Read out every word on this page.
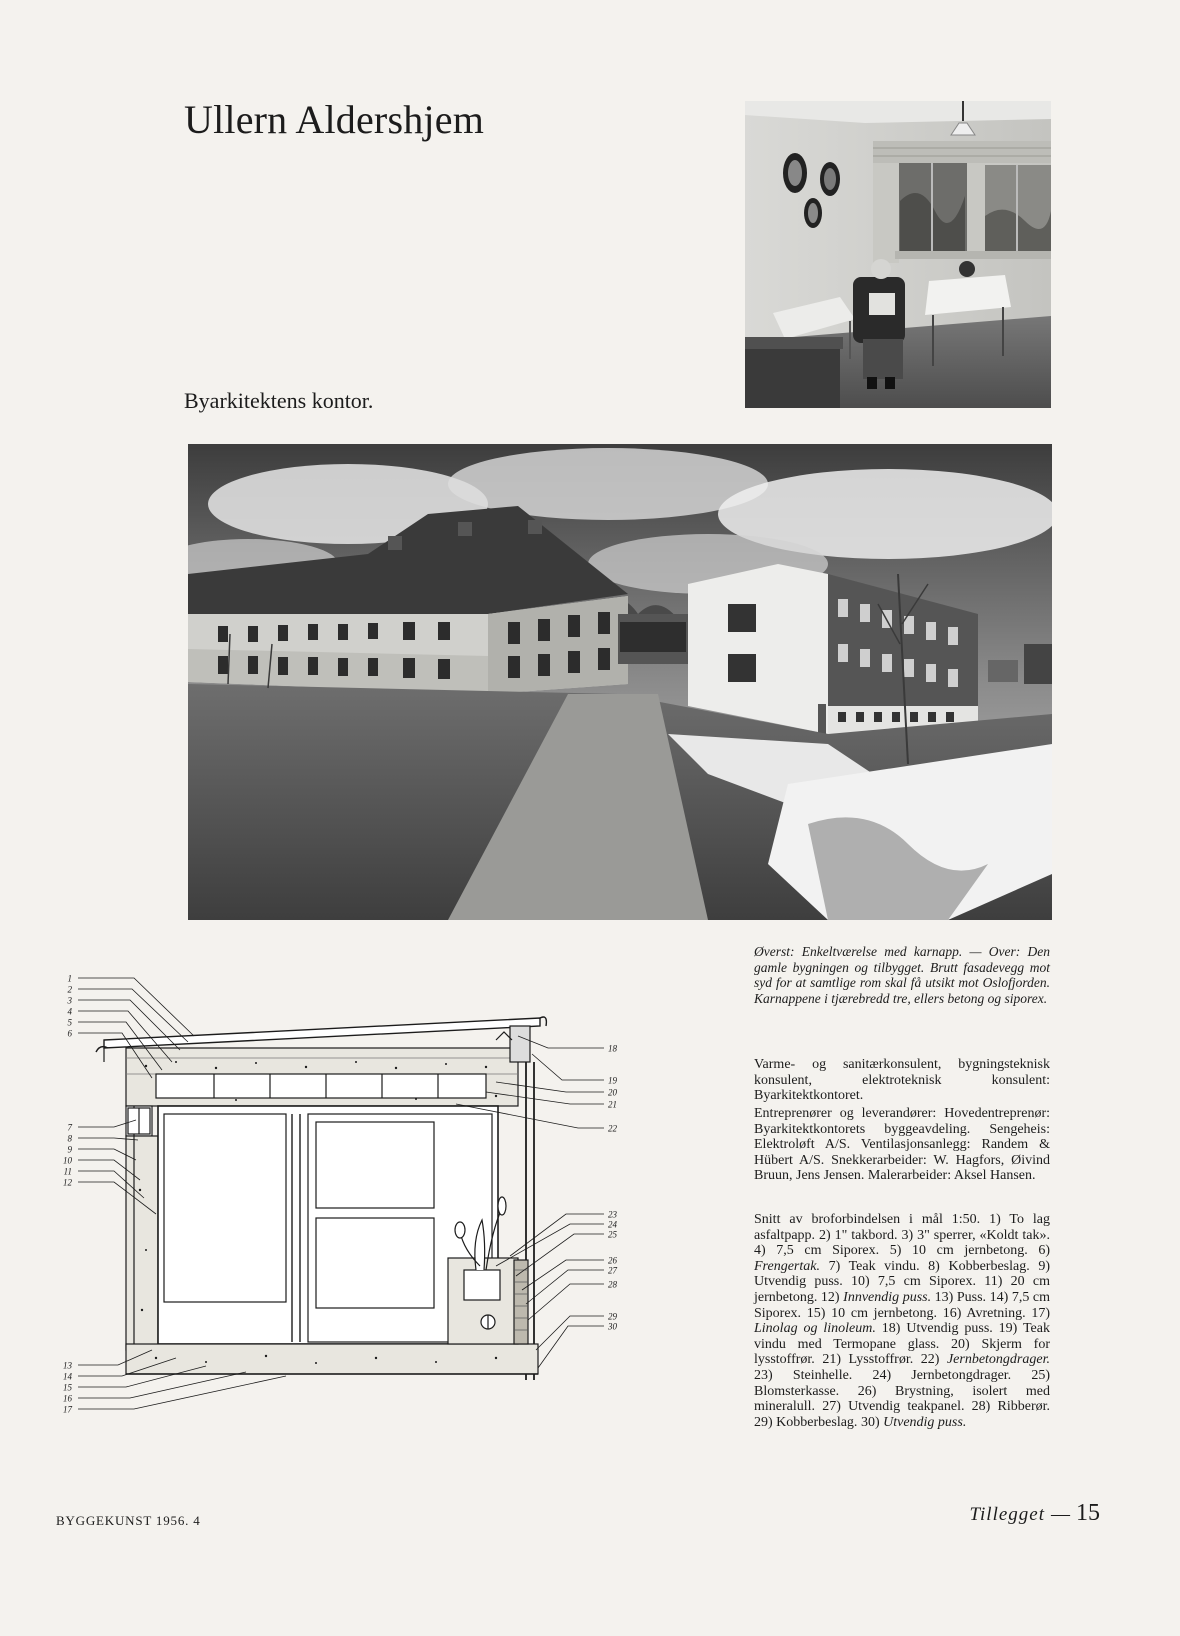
Ullern Aldershjem
Byarkitektens kontor.
Øverst: Enkeltværelse med karnapp. — Over: Den gamle bygningen og tilbygget. Brutt fasadevegg mot syd for at samtlige rom skal få utsikt mot Oslofjorden. Karnappene i tjærebredd tre, ellers betong og siporex.

Varme- og sanitærkonsulent, bygningsteknisk konsulent, elektroteknisk konsulent: Byarkitektkontoret.

Entreprenører og leverandører: Hovedentreprenør: Byarkitektkontorets byggeavdeling. Sengeheis: Elektroløft A/S. Ventilasjonsanlegg: Randem & Hübert A/S. Snekkerarbeider: W. Hagfors, Øivind Bruun, Jens Jensen. Malerarbeider: Aksel Hansen.

Snitt av broforbindelsen i mål 1:50. 1) To lag asfaltpapp. 2) 1" takbord. 3) 3" sperrer, «Koldt tak». 4) 7,5 cm Siporex. 5) 10 cm jernbetong. 6) Frengertak. 7) Teak vindu. 8) Kobberbeslag. 9) Utvendig puss. 10) 7,5 cm Siporex. 11) 20 cm jernbetong. 12) Innvendig puss. 13) Puss. 14) 7,5 cm Siporex. 15) 10 cm jernbetong. 16) Avretning. 17) Linolag og linoleum. 18) Utvendig puss. 19) Teak vindu med Termopane glass. 20) Skjerm for lysstoffrør. 21) Lysstoffrør. 22) Jernbetongdrager. 23) Steinhelle. 24) Jernbetongdrager. 25) Blomsterkasse. 26) Brystning, isolert med mineralull. 27) Utvendig teakpanel. 28) Ribberør. 29) Kobberbeslag. 30) Utvendig puss.

1
2
3
4
5
6
7
8
9
10
11
12
13
14
15
16
17
18
19
20
21
22
23
24
25
26
27
28
29
30
BYGGEKUNST 1956. 4	Tillegget — 15
